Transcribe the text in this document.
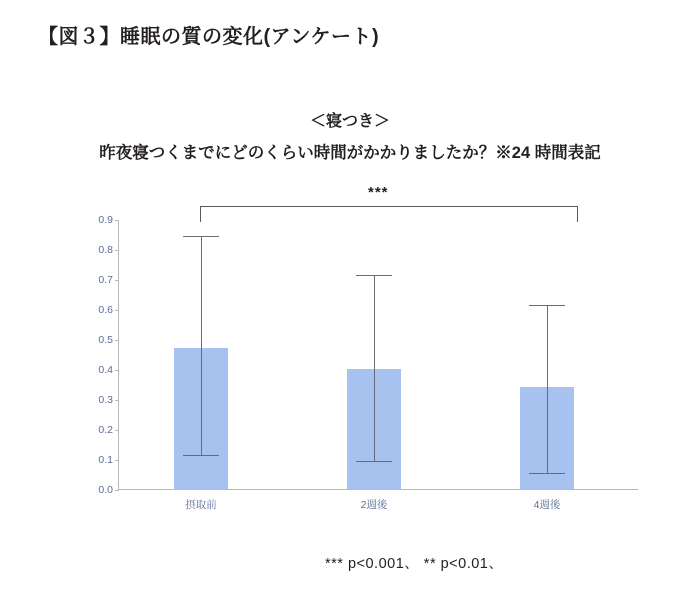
【図３】睡眠の質の変化(アンケート)
＜寝つき＞
昨夜寝つくまでにどのくらい時間がかかりましたか？※24 時間表記
***
0.0
0.1
0.2
0.3
0.4
0.5
0.6
0.7
0.8
0.9
摂取前	2週後	4週後
*** p<0.001、 ** p<0.01、
